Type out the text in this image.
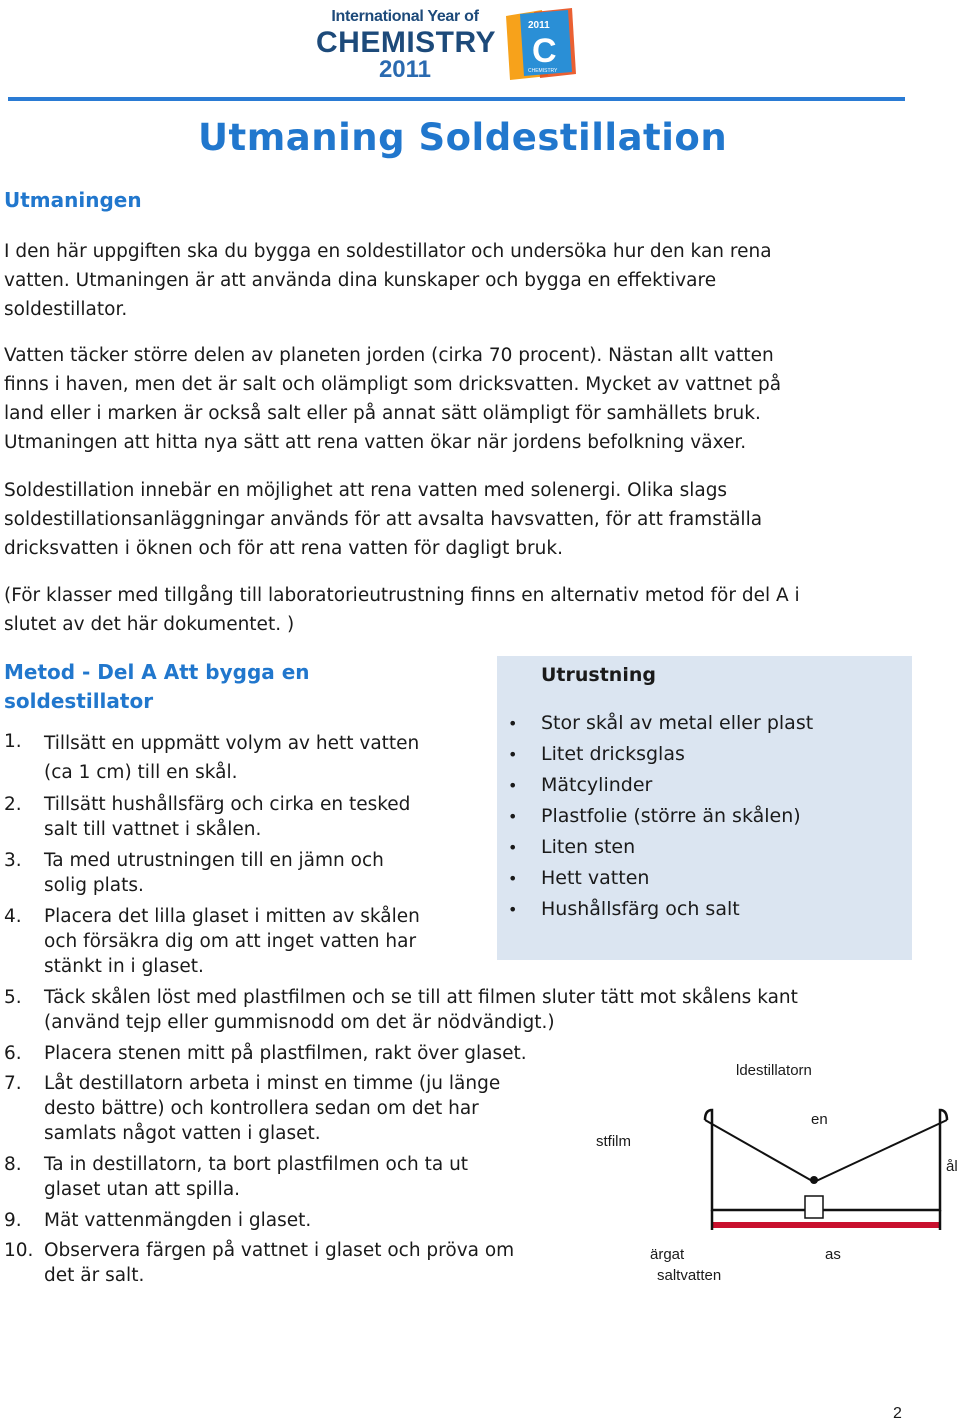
International Year of
CHEMISTRY
2011
2011
C
CHEMISTRY
Utmaning Soldestillation
Utmaningen
I den här uppgiften ska du bygga en soldestillator och undersöka hur den kan rena
vatten. Utmaningen är att använda dina kunskaper och bygga en effektivare
soldestillator.
Vatten täcker större delen av planeten jorden (cirka 70 procent). Nästan allt vatten
finns i haven, men det är salt och olämpligt som dricksvatten. Mycket av vattnet på
land eller i marken är också salt eller på annat sätt olämpligt för samhällets bruk.
Utmaningen att hitta nya sätt att rena vatten ökar när jordens befolkning växer.
Soldestillation innebär en möjlighet att rena vatten med solenergi. Olika slags
soldestillationsanläggningar används för att avsalta havsvatten, för att framställa
dricksvatten i öknen och för att rena vatten för dagligt bruk.
(För klasser med tillgång till laboratorieutrustning finns en alternativ metod för del A i
slutet av det här dokumentet. )
Metod - Del A Att bygga en
soldestillator
Utrustning
• Stor skål av metal eller plast
• Litet dricksglas
• Mätcylinder
• Plastfolie (större än skålen)
• Liten sten
• Hett vatten
• Hushållsfärg och salt
1. Tillsätt en uppmätt volym av hett vatten
(ca 1 cm) till en skål.
2. Tillsätt hushållsfärg och cirka en tesked
salt till vattnet i skålen.
3. Ta med utrustningen till en jämn och
solig plats.
4. Placera det lilla glaset i mitten av skålen
och försäkra dig om att inget vatten har
stänkt in i glaset.
5. Täck skålen löst med plastfilmen och se till att filmen sluter tätt mot skålens kant
(använd tejp eller gummisnodd om det är nödvändigt.)
6. Placera stenen mitt på plastfilmen, rakt över glaset.
7. Låt destillatorn arbeta i minst en timme (ju länge
desto bättre) och kontrollera sedan om det har
samlats något vatten i glaset.
8. Ta in destillatorn, ta bort plastfilmen och ta ut
glaset utan att spilla.
9. Mät vattenmängden i glaset.
10. Observera färgen på vattnet i glaset och pröva om
det är salt.
ldestillatorn
en
stfilm
ål
ärgat
saltvatten
as
2
